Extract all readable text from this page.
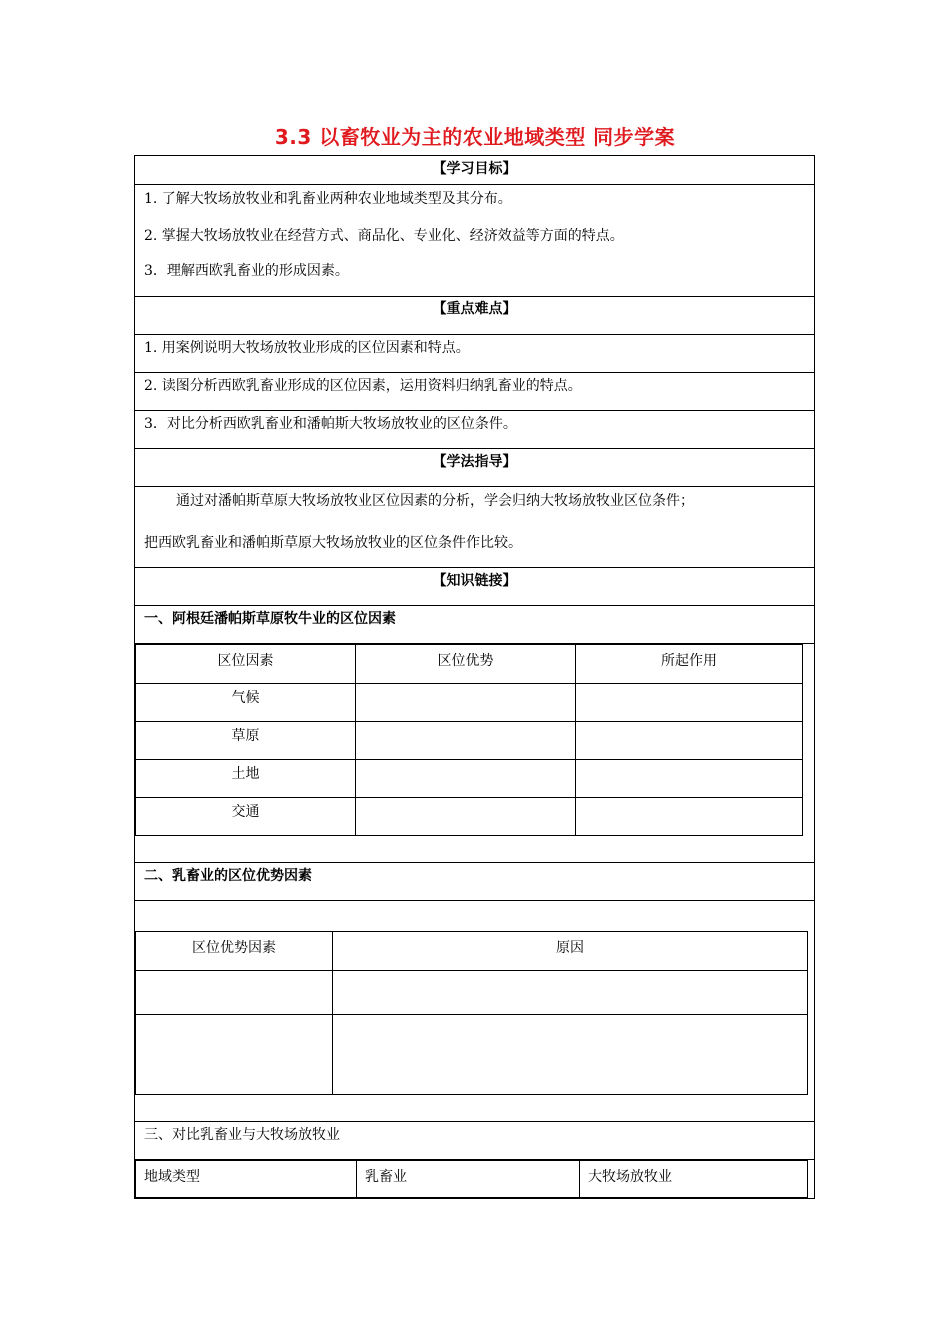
3.3 以畜牧业为主的农业地域类型 同步学案
【学习目标】
1. 了解大牧场放牧业和乳畜业两种农业地域类型及其分布。
2. 掌握大牧场放牧业在经营方式、商品化、专业化、经济效益等方面的特点。
3．理解西欧乳畜业的形成因素。
【重点难点】
1. 用案例说明大牧场放牧业形成的区位因素和特点。
2. 读图分析西欧乳畜业形成的区位因素，运用资料归纳乳畜业的特点。
3．对比分析西欧乳畜业和潘帕斯大牧场放牧业的区位条件。
【学法指导】
通过对潘帕斯草原大牧场放牧业区位因素的分析，学会归纳大牧场放牧业区位条件；
把西欧乳畜业和潘帕斯草原大牧场放牧业的区位条件作比较。
【知识链接】
一、阿根廷潘帕斯草原牧牛业的区位因素
区位因素	区位优势	所起作用
气候		
草原		
土地		
交通		
二、乳畜业的区位优势因素
区位优势因素	原因

三、对比乳畜业与大牧场放牧业
地域类型	乳畜业	大牧场放牧业
